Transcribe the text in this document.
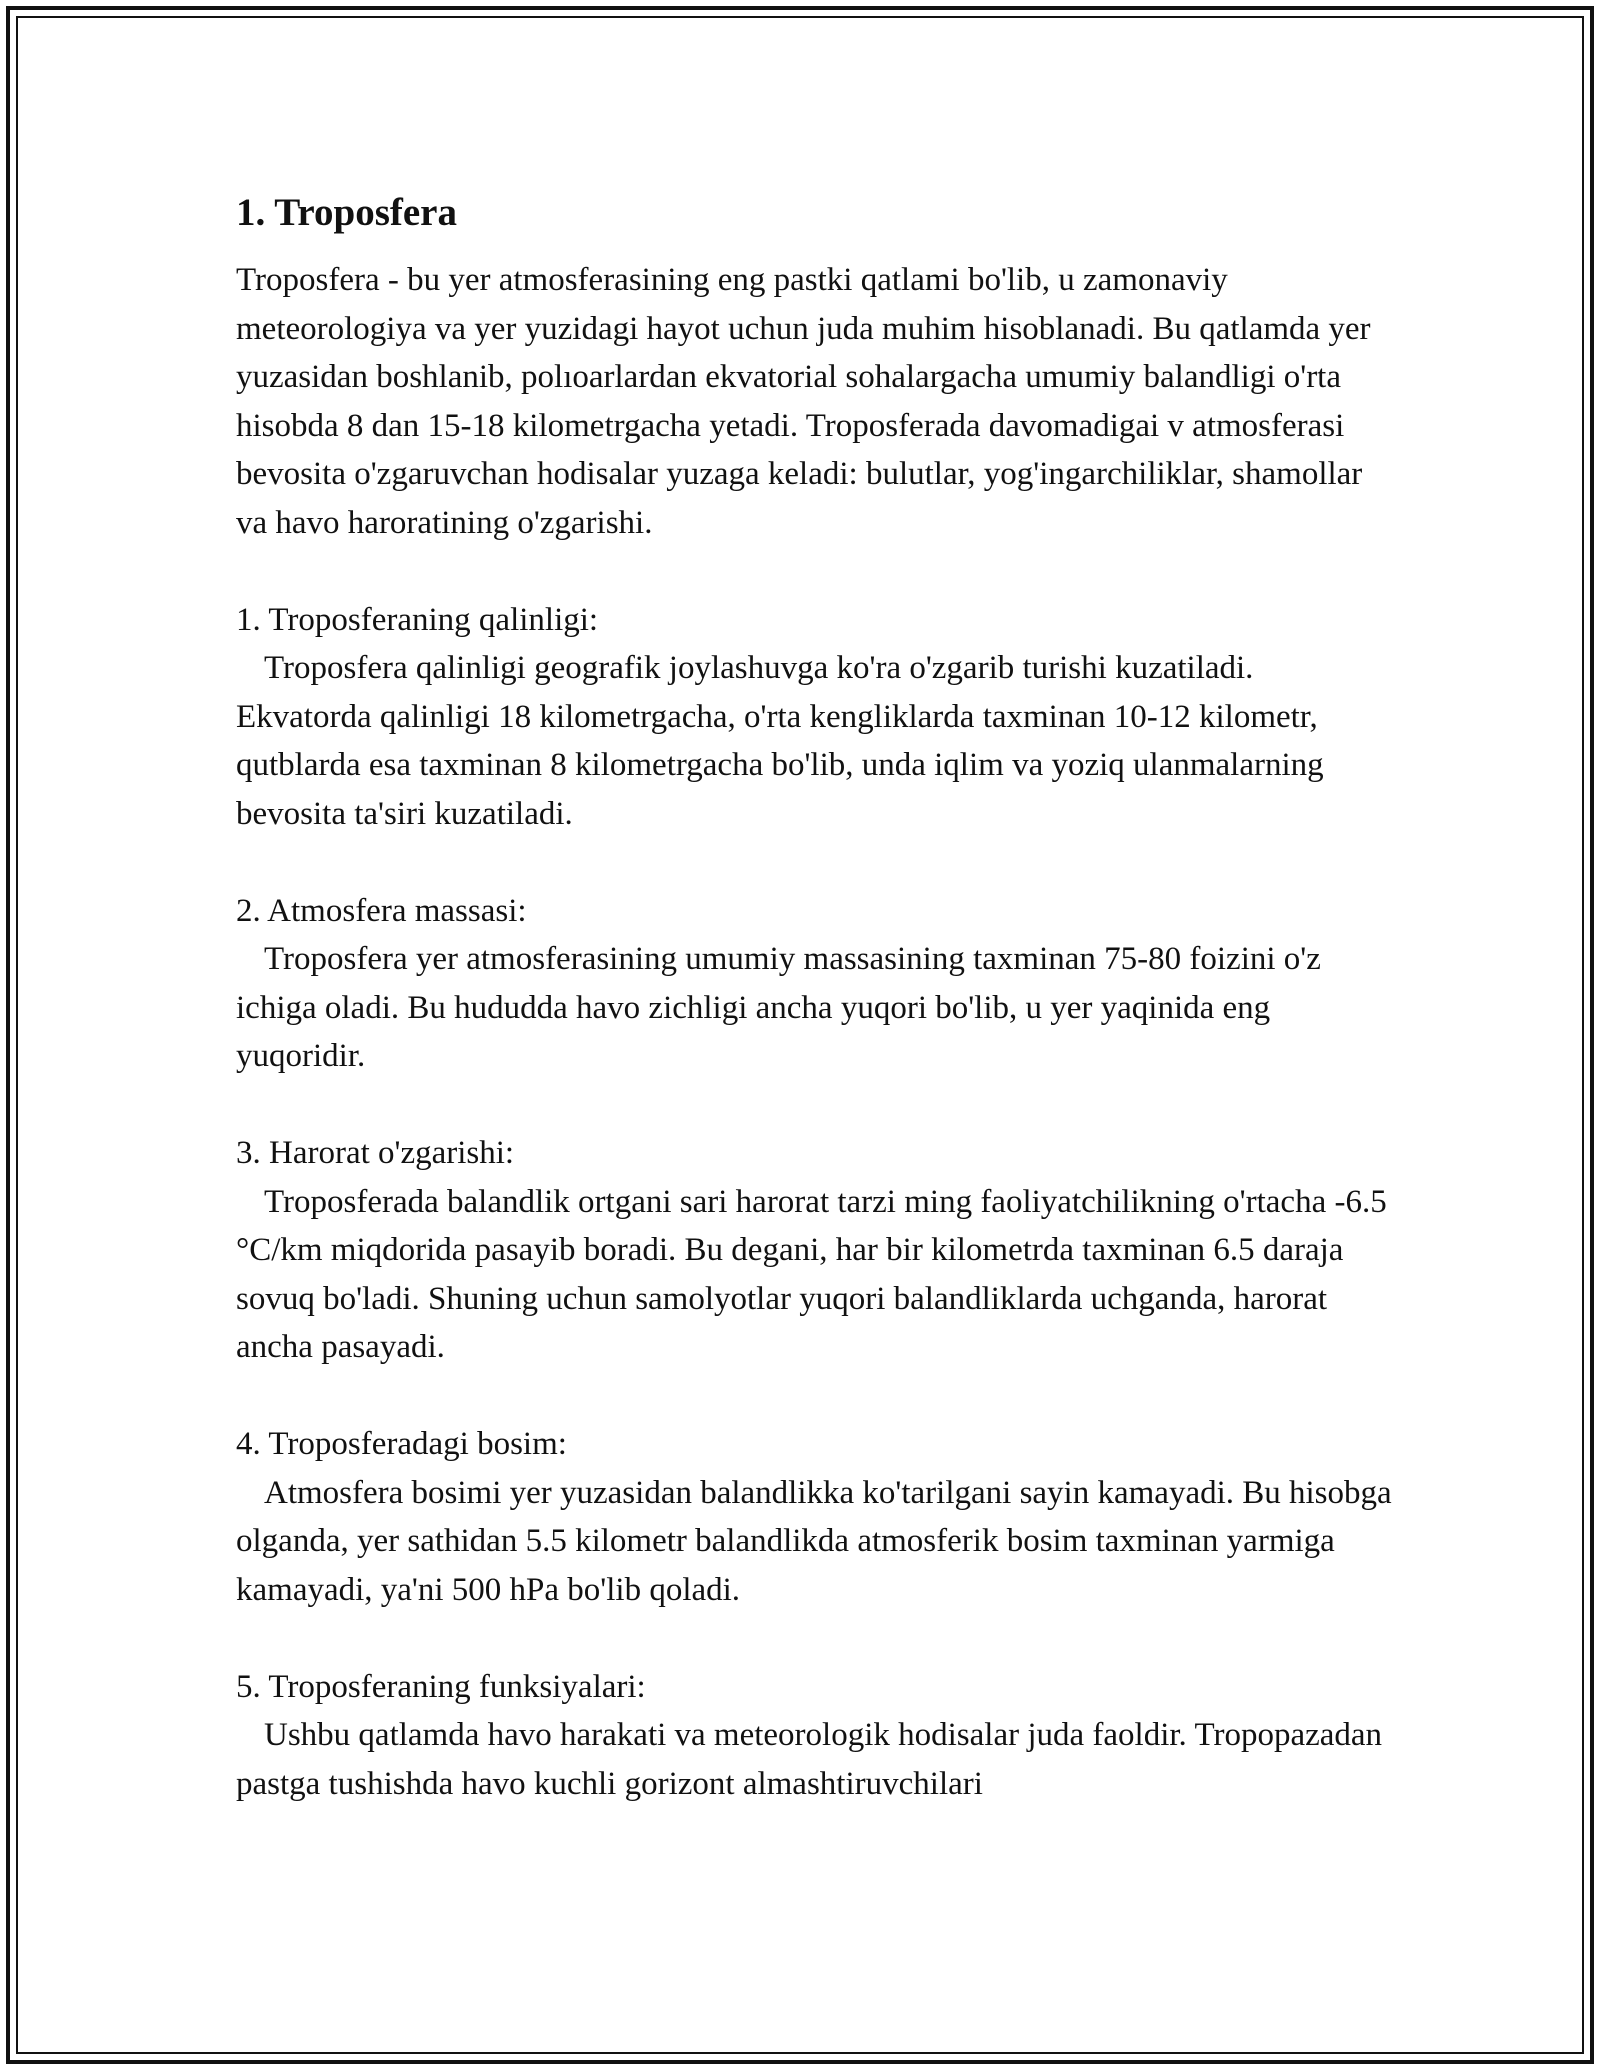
1. Troposfera

Troposfera - bu yer atmosferasining eng pastki qatlami bo'lib, u zamonaviy meteorologiya va yer yuzidagi hayot uchun juda muhim hisoblanadi. Bu qatlamda yer yuzasidan boshlanib, polıoarlardan ekvatorial sohalargacha umumiy balandligi o'rta hisobda 8 dan 15-18 kilometrgacha yetadi. Troposferada davomadigai v atmosferasi bevosita o'zgaruvchan hodisalar yuzaga keladi: bulutlar, yog'ingarchiliklar, shamollar va havo haroratining o'zgarishi.

1. Troposferaning qalinligi:

Troposfera qalinligi geografik joylashuvga ko'ra o'zgarib turishi kuzatiladi. Ekvatorda qalinligi 18 kilometrgacha, o'rta kengliklarda taxminan 10-12 kilometr, qutblarda esa taxminan 8 kilometrgacha bo'lib, unda iqlim va yoziq ulanmalarning bevosita ta'siri kuzatiladi.

2. Atmosfera massasi:

Troposfera yer atmosferasining umumiy massasining taxminan 75-80 foizini o'z ichiga oladi. Bu hududda havo zichligi ancha yuqori bo'lib, u yer yaqinida eng yuqoridir.

3. Harorat o'zgarishi:

Troposferada balandlik ortgani sari harorat tarzi ming faoliyatchilikning o'rtacha -6.5 °C/km miqdorida pasayib boradi. Bu degani, har bir kilometrda taxminan 6.5 daraja sovuq bo'ladi. Shuning uchun samolyotlar yuqori balandliklarda uchganda, harorat ancha pasayadi.

4. Troposferadagi bosim:

Atmosfera bosimi yer yuzasidan balandlikka ko'tarilgani sayin kamayadi. Bu hisobga olganda, yer sathidan 5.5 kilometr balandlikda atmosferik bosim taxminan yarmiga kamayadi, ya'ni 500 hPa bo'lib qoladi.

5. Troposferaning funksiyalari:

Ushbu qatlamda havo harakati va meteorologik hodisalar juda faoldir. Tropopazadan pastga tushishda havo kuchli gorizont almashtiruvchilari
